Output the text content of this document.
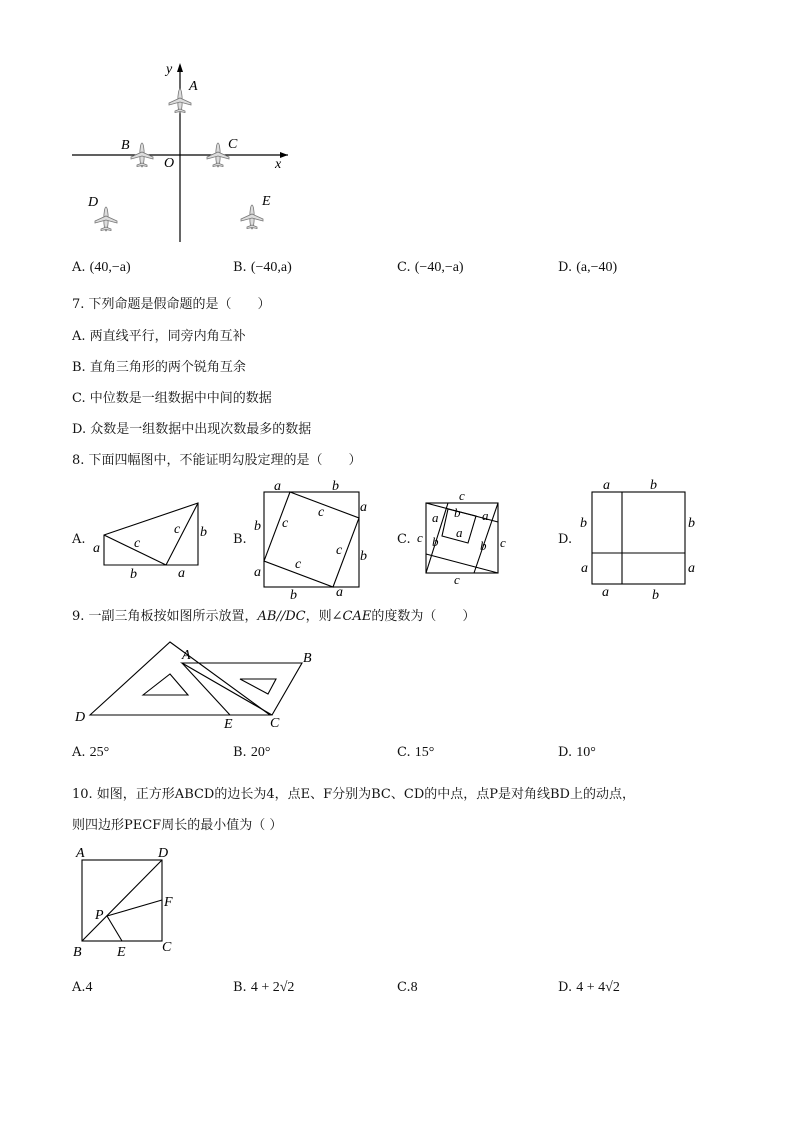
y
x
O
A
B	C
D	E
A. (40,−a)	B. (−40,a)	C. (−40,−a)	D. (a,−40)
7. 下列命题是假命题的是（　　）
A. 两直线平行，同旁内角互补
B. 直角三角形的两个锐角互余
C. 中位数是一组数据中中间的数据
D. 众数是一组数据中出现次数最多的数据
8. 下面四幅图中，不能证明勾股定理的是（　　）
A.
a c
c b
b	a
B.
a	b
a
b
b
a
b	a
c
c
c
c
C.
c
a b a
c b
a
b c
c
D.
a	b
b	b
a	a
a	b
9. 一副三角板按如图所示放置，AB//DC，则∠CAE的度数为（　　）
A	B
D	E	C
A. 25°	B. 20°	C. 15°	D. 10°
10. 如图，正方形ABCD的边长为4，点E、F分别为BC、CD的中点，点P是对角线BD上的动点，
则四边形PECF周长的最小值为（ ）
A	D
F
P
B	E	C
A.4	B. 4 + 2√2	C.8	D. 4 + 4√2
